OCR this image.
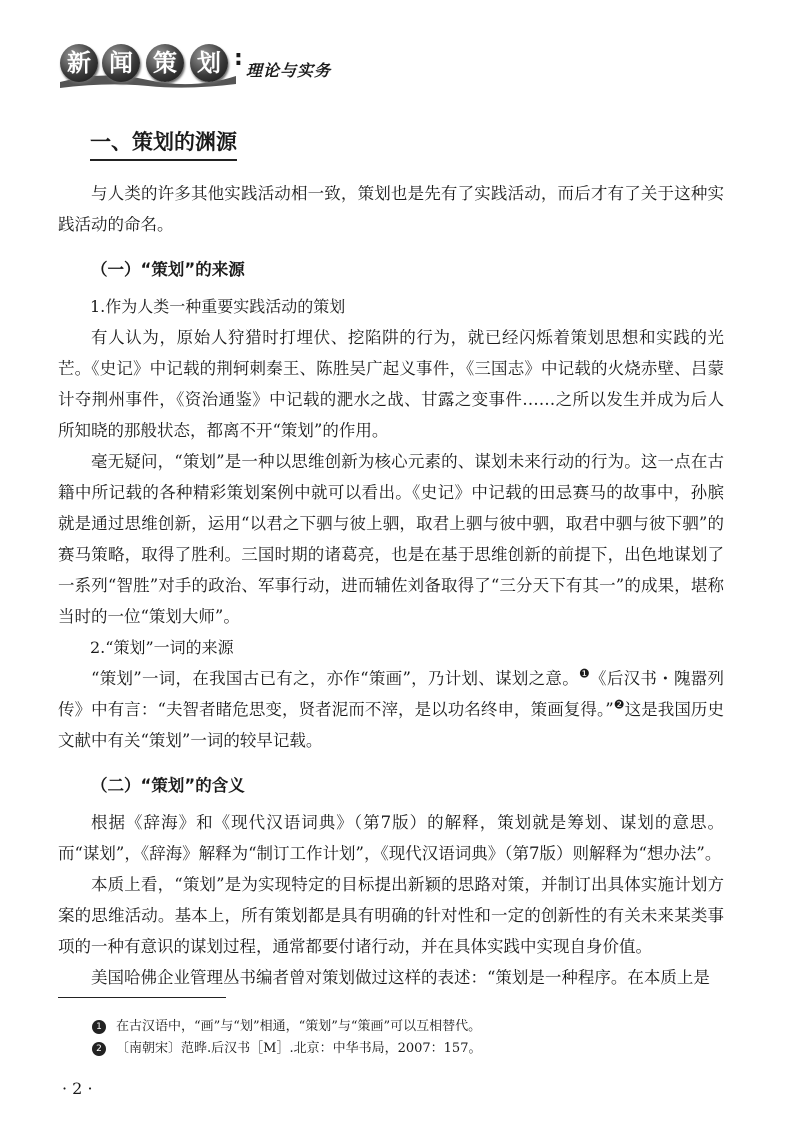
新 闻 策 划 : 理论与实务
一、策划的渊源

与人类的许多其他实践活动相一致，策划也是先有了实践活动，而后才有了关于这种实践活动的命名。

（一）“策划”的来源
1.作为人类一种重要实践活动的策划

有人认为，原始人狩猎时打埋伏、挖陷阱的行为，就已经闪烁着策划思想和实践的光芒。《史记》中记载的荆轲刺秦王、陈胜吴广起义事件，《三国志》中记载的火烧赤壁、吕蒙计夺荆州事件，《资治通鉴》中记载的淝水之战、甘露之变事件……之所以发生并成为后人所知晓的那般状态，都离不开“策划”的作用。

毫无疑问，“策划”是一种以思维创新为核心元素的、谋划未来行动的行为。这一点在古籍中所记载的各种精彩策划案例中就可以看出。《史记》中记载的田忌赛马的故事中，孙膑就是通过思维创新，运用“以君之下驷与彼上驷，取君上驷与彼中驷，取君中驷与彼下驷”的赛马策略，取得了胜利。三国时期的诸葛亮，也是在基于思维创新的前提下，出色地谋划了一系列“智胜”对手的政治、军事行动，进而辅佐刘备取得了“三分天下有其一”的成果，堪称当时的一位“策划大师”。

2.“策划”一词的来源

“策划”一词，在我国古已有之，亦作“策画”，乃计划、谋划之意。$^❶$《后汉书・隗嚣列传》中有言：“夫智者睹危思变，贤者泥而不滓，是以功名终申，策画复得。”$^❷$这是我国历史文献中有关“策划”一词的较早记载。

（二）“策划”的含义

根据《辞海》和《现代汉语词典》（第7版）的解释，策划就是筹划、谋划的意思。而“谋划”，《辞海》解释为“制订工作计划”，《现代汉语词典》（第7版）则解释为“想办法”。

本质上看，“策划”是为实现特定的目标提出新颖的思路对策，并制订出具体实施计划方案的思维活动。基本上，所有策划都是具有明确的针对性和一定的创新性的有关未来某类事项的一种有意识的谋划过程，通常都要付诸行动，并在具体实践中实现自身价值。

美国哈佛企业管理丛书编者曾对策划做过这样的表述：“策划是一种程序。在本质上是

1	在古汉语中，“画”与“划”相通，“策划”与“策画”可以互相替代。
2	〔南朝宋〕范晔.后汉书［M］.北京：中华书局，2007：157。
· 2 ·
